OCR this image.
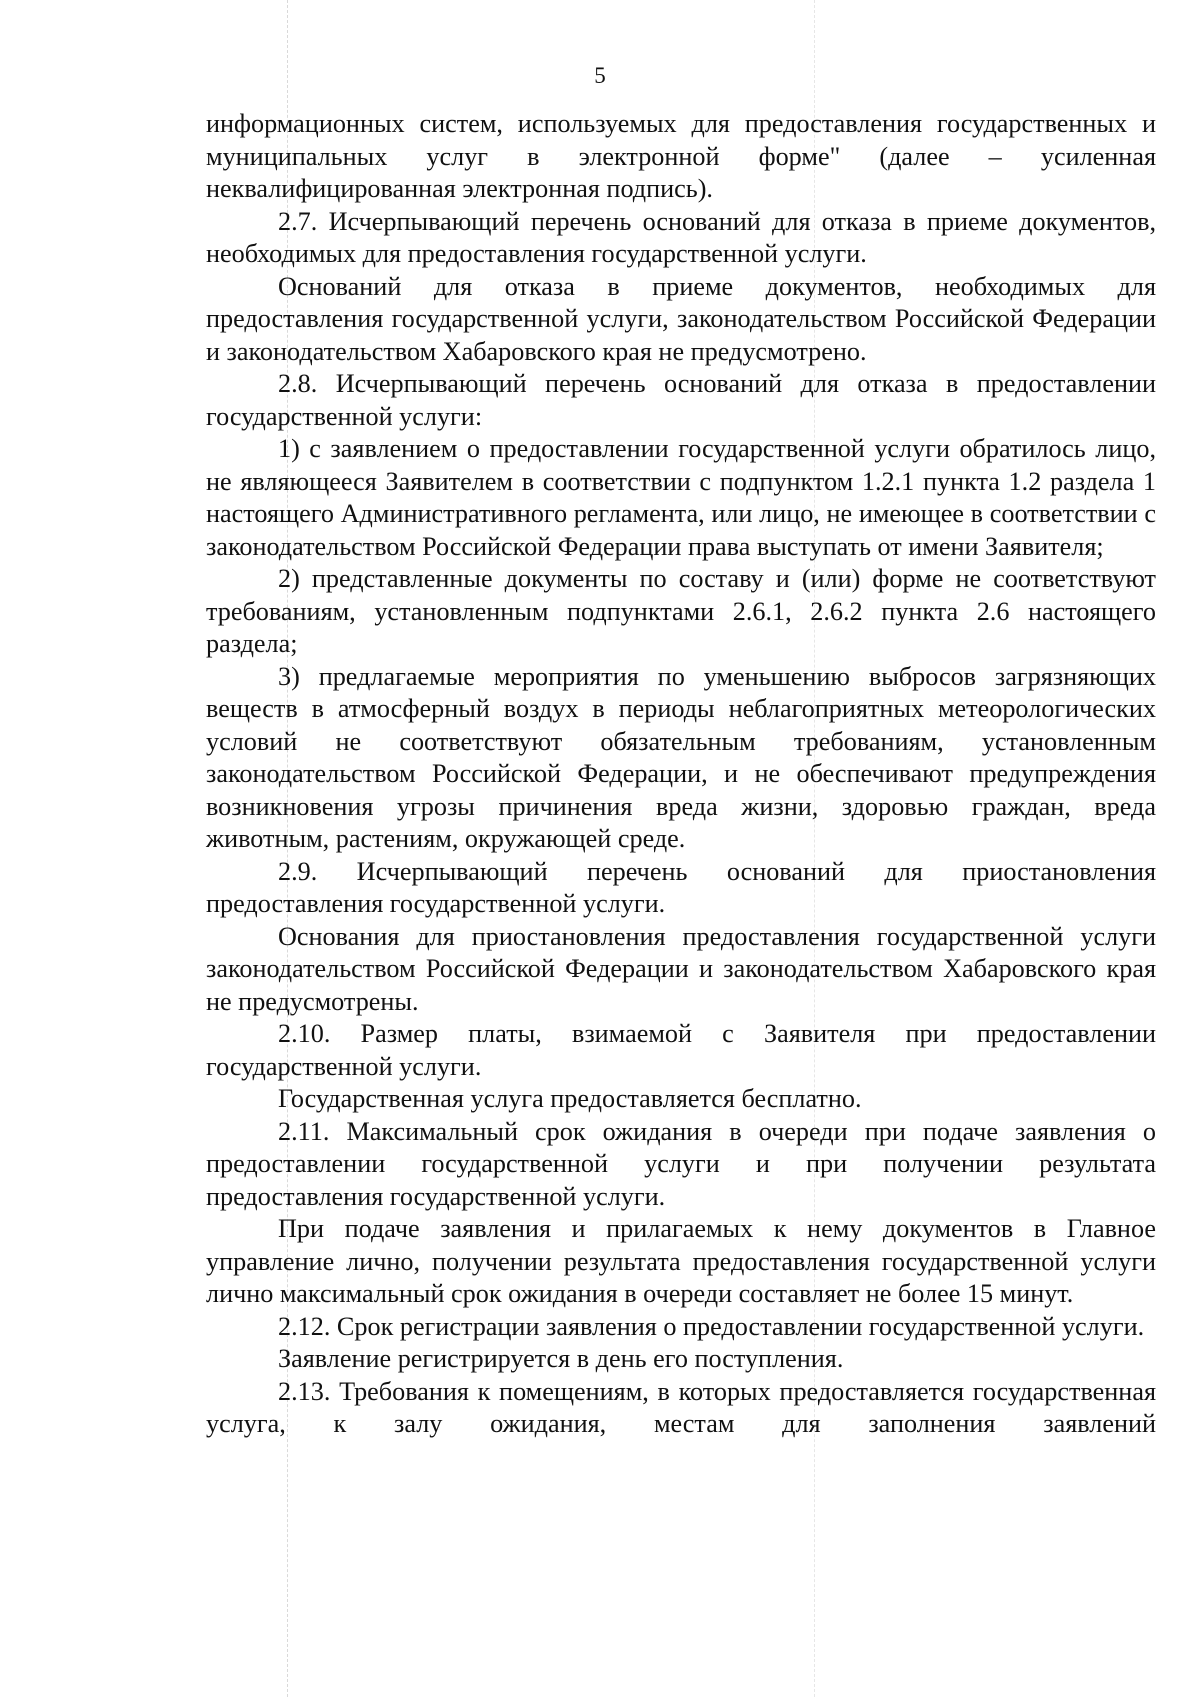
5

информационных систем, используемых для предоставления государственных и муниципальных услуг в электронной форме" (далее – усиленная неквалифицированная электронная подпись).

2.7. Исчерпывающий перечень оснований для отказа в приеме документов, необходимых для предоставления государственной услуги.

Оснований для отказа в приеме документов, необходимых для предоставления государственной услуги, законодательством Российской Федерации и законодательством Хабаровского края не предусмотрено.

2.8. Исчерпывающий перечень оснований для отказа в предоставлении государственной услуги:

1) с заявлением о предоставлении государственной услуги обратилось лицо, не являющееся Заявителем в соответствии с подпунктом 1.2.1 пункта 1.2 раздела 1 настоящего Административного регламента, или лицо, не имеющее в соответствии с законодательством Российской Федерации права выступать от имени Заявителя;

2) представленные документы по составу и (или) форме не соответствуют требованиям, установленным подпунктами 2.6.1, 2.6.2 пункта 2.6 настоящего раздела;

3) предлагаемые мероприятия по уменьшению выбросов загрязняющих веществ в атмосферный воздух в периоды неблагоприятных метеорологических условий не соответствуют обязательным требованиям, установленным законодательством Российской Федерации, и не обеспечивают предупреждения возникновения угрозы причинения вреда жизни, здоровью граждан, вреда животным, растениям, окружающей среде.

2.9. Исчерпывающий перечень оснований для приостановления предоставления государственной услуги.

Основания для приостановления предоставления государственной услуги законодательством Российской Федерации и законодательством Хабаровского края не предусмотрены.

2.10. Размер платы, взимаемой с Заявителя при предоставлении государственной услуги.

Государственная услуга предоставляется бесплатно.

2.11. Максимальный срок ожидания в очереди при подаче заявления о предоставлении государственной услуги и при получении результата предоставления государственной услуги.

При подаче заявления и прилагаемых к нему документов в Главное управление лично, получении результата предоставления государственной услуги лично максимальный срок ожидания в очереди составляет не более 15 минут.

2.12. Срок регистрации заявления о предоставлении государственной услуги.

Заявление регистрируется в день его поступления.

2.13. Требования к помещениям, в которых предоставляется государственная услуга, к залу ожидания, местам для заполнения заявлений
